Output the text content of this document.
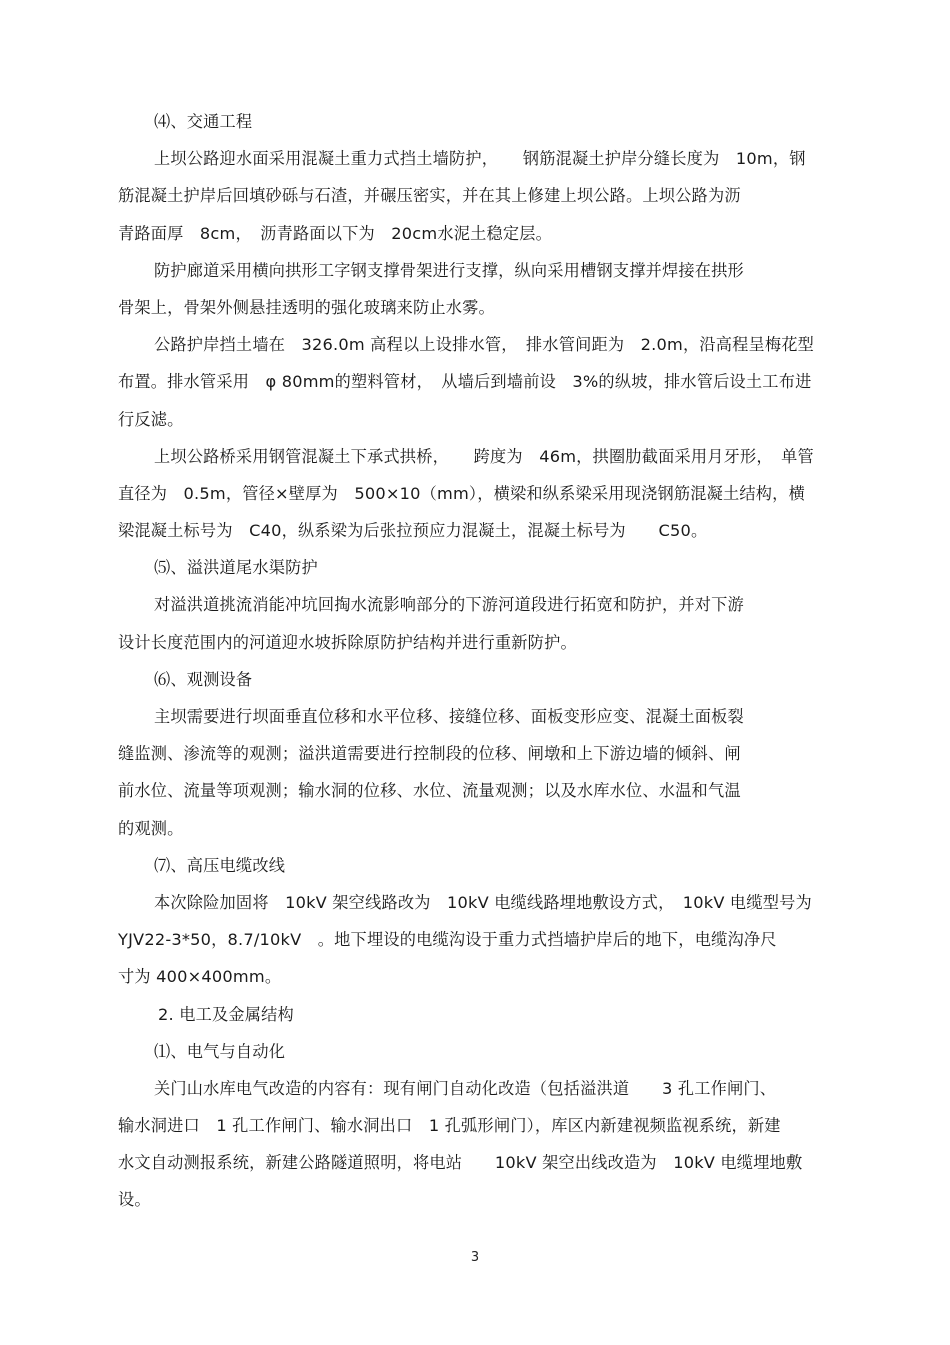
⑷、交通工程
上坝公路迎水面采用混凝土重力式挡土墙防护，　　钢筋混凝土护岸分缝长度为　10m，钢
筋混凝土护岸后回填砂砾与石渣，并碾压密实，并在其上修建上坝公路。上坝公路为沥
青路面厚　8cm，　沥青路面以下为　20cm水泥土稳定层。
防护廊道采用横向拱形工字钢支撑骨架进行支撑，纵向采用槽钢支撑并焊接在拱形
骨架上，骨架外侧悬挂透明的强化玻璃来防止水雾。
公路护岸挡土墙在　326.0m 高程以上设排水管，　排水管间距为　2.0m，沿高程呈梅花型
布置。排水管采用　φ 80mm的塑料管材，　从墙后到墙前设　3%的纵坡，排水管后设土工布进
行反滤。
上坝公路桥采用钢管混凝土下承式拱桥，　　跨度为　46m，拱圈肋截面采用月牙形，　单管
直径为　0.5m，管径×壁厚为　500×10（mm），横梁和纵系梁采用现浇钢筋混凝土结构，横
梁混凝土标号为　C40，纵系梁为后张拉预应力混凝土，混凝土标号为　　C50。
⑸、溢洪道尾水渠防护
对溢洪道挑流消能冲坑回掏水流影响部分的下游河道段进行拓宽和防护，并对下游
设计长度范围内的河道迎水坡拆除原防护结构并进行重新防护。
⑹、观测设备
主坝需要进行坝面垂直位移和水平位移、接缝位移、面板变形应变、混凝土面板裂
缝监测、渗流等的观测；溢洪道需要进行控制段的位移、闸墩和上下游边墙的倾斜、闸
前水位、流量等项观测；输水洞的位移、水位、流量观测；以及水库水位、水温和气温
的观测。
⑺、高压电缆改线
本次除险加固将　10kV 架空线路改为　10kV 电缆线路埋地敷设方式，　10kV 电缆型号为
YJV22-3*50，8.7/10kV　。地下埋设的电缆沟设于重力式挡墙护岸后的地下，电缆沟净尺
寸为 400×400mm。
2. 电工及金属结构
⑴、电气与自动化
关门山水库电气改造的内容有：现有闸门自动化改造（包括溢洪道　　3 孔工作闸门、
输水洞进口　1 孔工作闸门、输水洞出口　1 孔弧形闸门），库区内新建视频监视系统，新建
水文自动测报系统，新建公路隧道照明，将电站　　10kV 架空出线改造为　10kV 电缆埋地敷
设。
3
